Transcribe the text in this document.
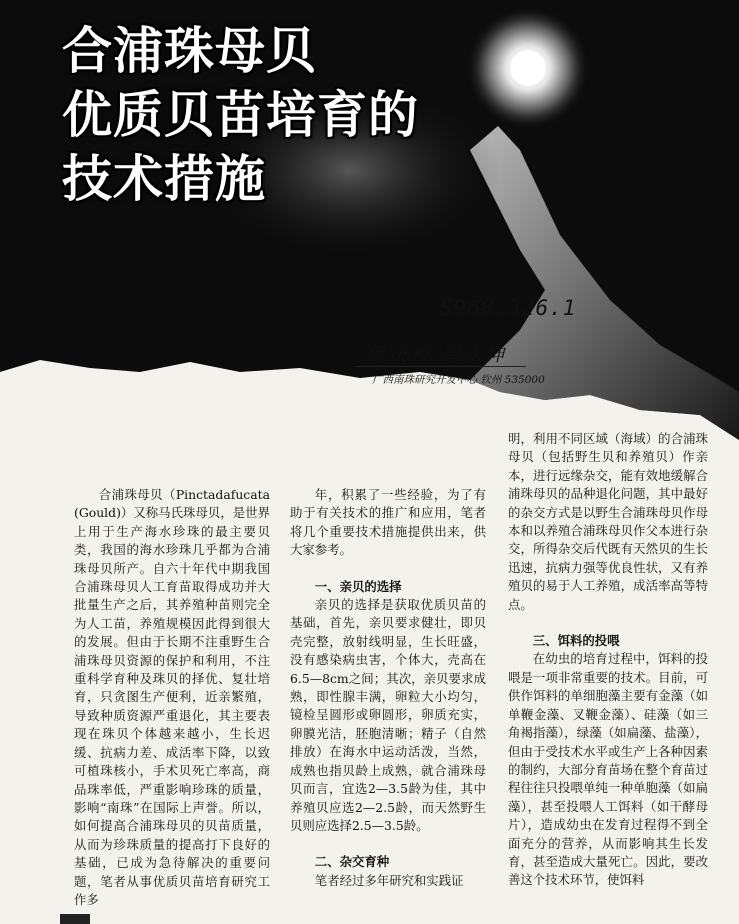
合浦珠母贝
优质贝苗培育的
技术措施
S968.326.1
何庆权 周永坤
广西南珠研究开发中心 钦州 535000

合浦珠母贝（Pinctadafucata (Gould)）又称马氏珠母贝，是世界上用于生产海水珍珠的最主要贝类，我国的海水珍珠几乎都为合浦珠母贝所产。自六十年代中期我国合浦珠母贝人工育苗取得成功并大批量生产之后，其养殖种苗则完全为人工苗，养殖规模因此得到很大的发展。但由于长期不注重野生合浦珠母贝资源的保护和利用，不注重科学育种及珠贝的择优、复壮培育，只贪图生产便利，近亲繁殖，导致种质资源严重退化，其主要表现在珠贝个体越来越小，生长迟缓、抗病力差、成活率下降，以致可植珠核小，手术贝死亡率高，商品珠率低，严重影响珍珠的质量，影响“南珠”在国际上声誉。所以，如何提高合浦珠母贝的贝苗质量，从而为珍珠质量的提高打下良好的基础，已成为急待解决的重要问题，笔者从事优质贝苗培育研究工作多

年，积累了一些经验，为了有助于有关技术的推广和应用，笔者将几个重要技术措施提供出来，供大家参考。

一、亲贝的选择

亲贝的选择是获取优质贝苗的基础，首先，亲贝要求健壮，即贝壳完整，放射线明显，生长旺盛，没有感染病虫害，个体大，壳高在6.5—8cm之间；其次，亲贝要求成熟，即性腺丰满，卵粒大小均匀，镜检呈圆形或卵圆形，卵质充实，卵膜光洁，胚胞清晰；精子（自然排放）在海水中运动活泼，当然，成熟也指贝龄上成熟，就合浦珠母贝而言，宜选2—3.5龄为佳，其中养殖贝应选2—2.5龄，而天然野生贝则应选择2.5—3.5龄。

二、杂交育种

笔者经过多年研究和实践证

明，利用不同区域（海域）的合浦珠母贝（包括野生贝和养殖贝）作亲本，进行远缘杂交，能有效地缓解合浦珠母贝的品种退化问题，其中最好的杂交方式是以野生合浦珠母贝作母本和以养殖合浦珠母贝作父本进行杂交，所得杂交后代既有天然贝的生长迅速，抗病力强等优良性状，又有养殖贝的易于人工养殖，成活率高等特点。

三、饵料的投喂

在幼虫的培育过程中，饵料的投喂是一项非常重要的技术。目前，可供作饵料的单细胞藻主要有金藻（如单鞭金藻、叉鞭金藻）、硅藻（如三角褐指藻），绿藻（如扁藻、盐藻），但由于受技术水平或生产上各种因素的制约，大部分育苗场在整个育苗过程往往只投喂单纯一种单胞藻（如扁藻），甚至投喂人工饵料（如干酵母片），造成幼虫在发育过程得不到全面充分的营养，从而影响其生长发育，甚至造成大量死亡。因此，要改善这个技术环节，使饵料
